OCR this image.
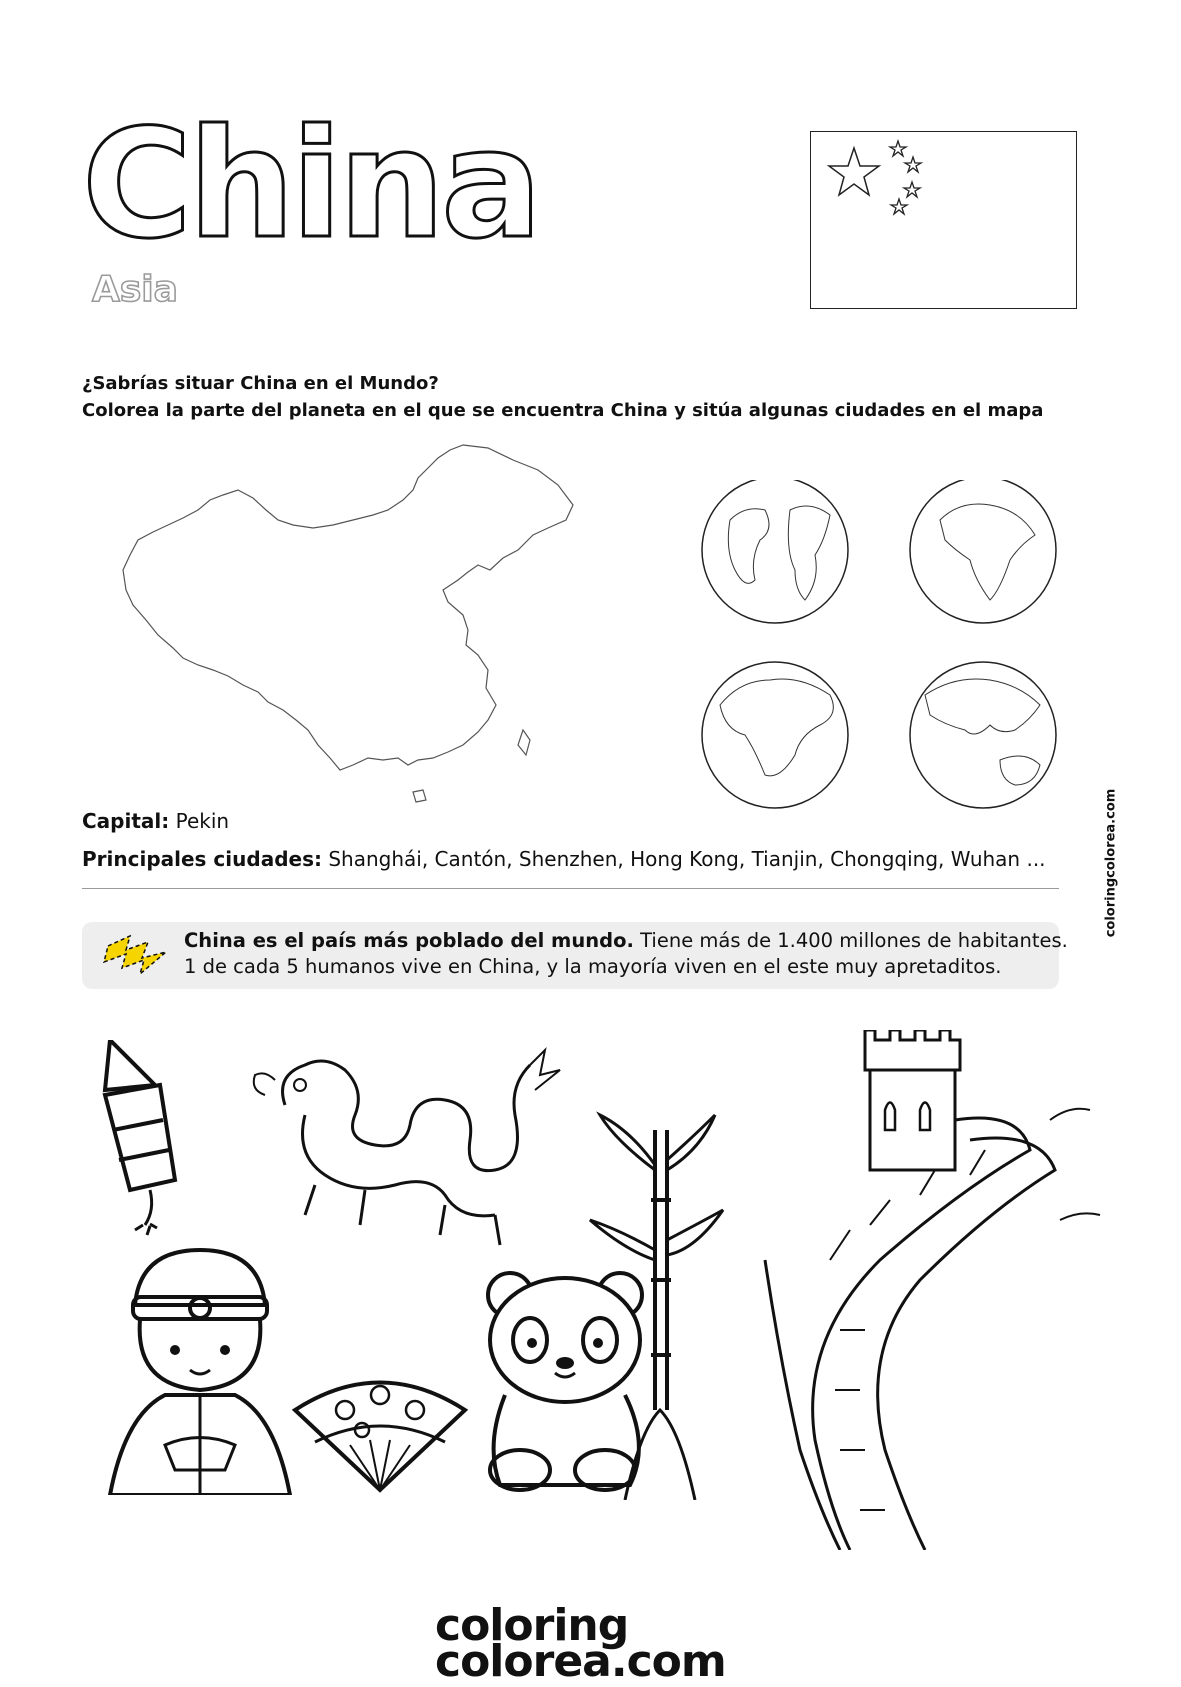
China
Asia
¿Sabrías situar China en el Mundo?
Colorea la parte del planeta en el que se encuentra China y sitúa algunas ciudades en el mapa
Capital: Pekin
Principales ciudades: Shanghái, Cantón, Shenzhen, Hong Kong, Tianjin, Chongqing, Wuhan ...
China es el país más poblado del mundo. Tiene más de 1.400 millones de habitantes.
1 de cada 5 humanos vive en China, y la mayoría viven en el este muy apretaditos.
coloringcolorea.com
coloring
colorea.com
